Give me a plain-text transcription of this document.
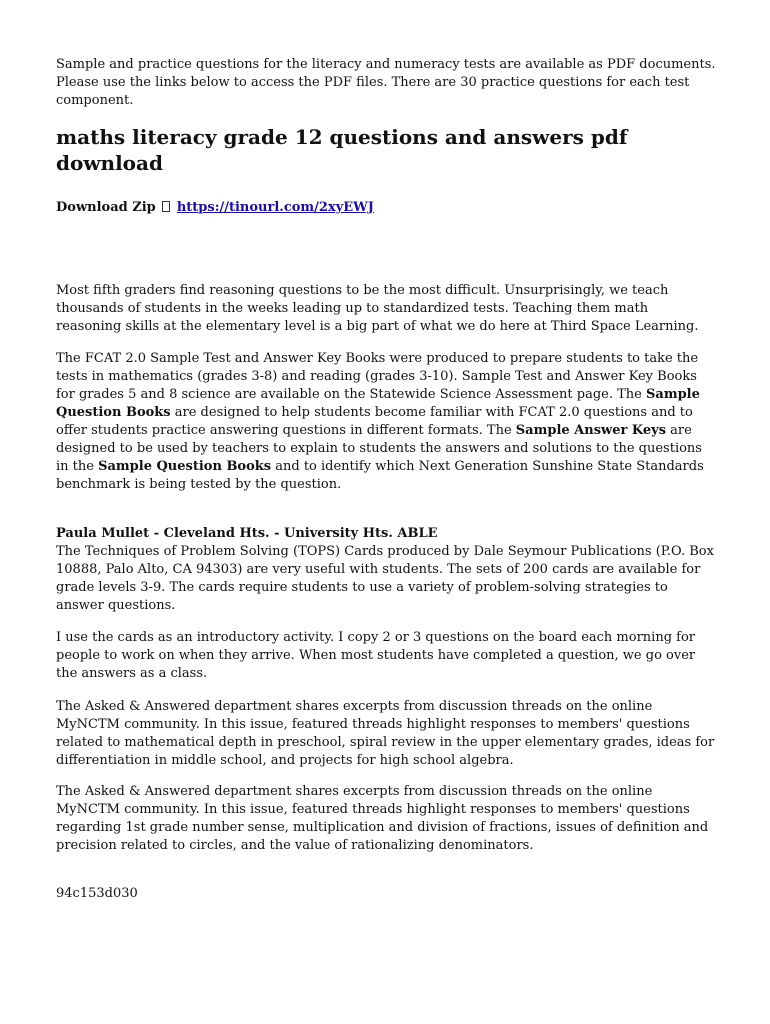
Sample and practice questions for the literacy and numeracy tests are available as PDF documents. Please use the links below to access the PDF files. There are 30 practice questions for each test component.

maths literacy grade 12 questions and answers pdf download
Download Zip https://tinourl.com/2xyEWJ

Most fifth graders find reasoning questions to be the most difficult. Unsurprisingly, we teach thousands of students in the weeks leading up to standardized tests. Teaching them math reasoning skills at the elementary level is a big part of what we do here at Third Space Learning.

The FCAT 2.0 Sample Test and Answer Key Books were produced to prepare students to take the tests in mathematics (grades 3-8) and reading (grades 3-10). Sample Test and Answer Key Books for grades 5 and 8 science are available on the Statewide Science Assessment page. The Sample Question Books are designed to help students become familiar with FCAT 2.0 questions and to offer students practice answering questions in different formats. The Sample Answer Keys are designed to be used by teachers to explain to students the answers and solutions to the questions in the Sample Question Books and to identify which Next Generation Sunshine State Standards benchmark is being tested by the question.

Paula Mullet - Cleveland Hts. - University Hts. ABLE

The Techniques of Problem Solving (TOPS) Cards produced by Dale Seymour Publications (P.O. Box 10888, Palo Alto, CA 94303) are very useful with students. The sets of 200 cards are available for grade levels 3-9. The cards require students to use a variety of problem-solving strategies to answer questions.

I use the cards as an introductory activity. I copy 2 or 3 questions on the board each morning for people to work on when they arrive. When most students have completed a question, we go over the answers as a class.

The Asked & Answered department shares excerpts from discussion threads on the online MyNCTM community. In this issue, featured threads highlight responses to members' questions related to mathematical depth in preschool, spiral review in the upper elementary grades, ideas for differentiation in middle school, and projects for high school algebra.

The Asked & Answered department shares excerpts from discussion threads on the online MyNCTM community. In this issue, featured threads highlight responses to members' questions regarding 1st grade number sense, multiplication and division of fractions, issues of definition and precision related to circles, and the value of rationalizing denominators.

94c153d030
